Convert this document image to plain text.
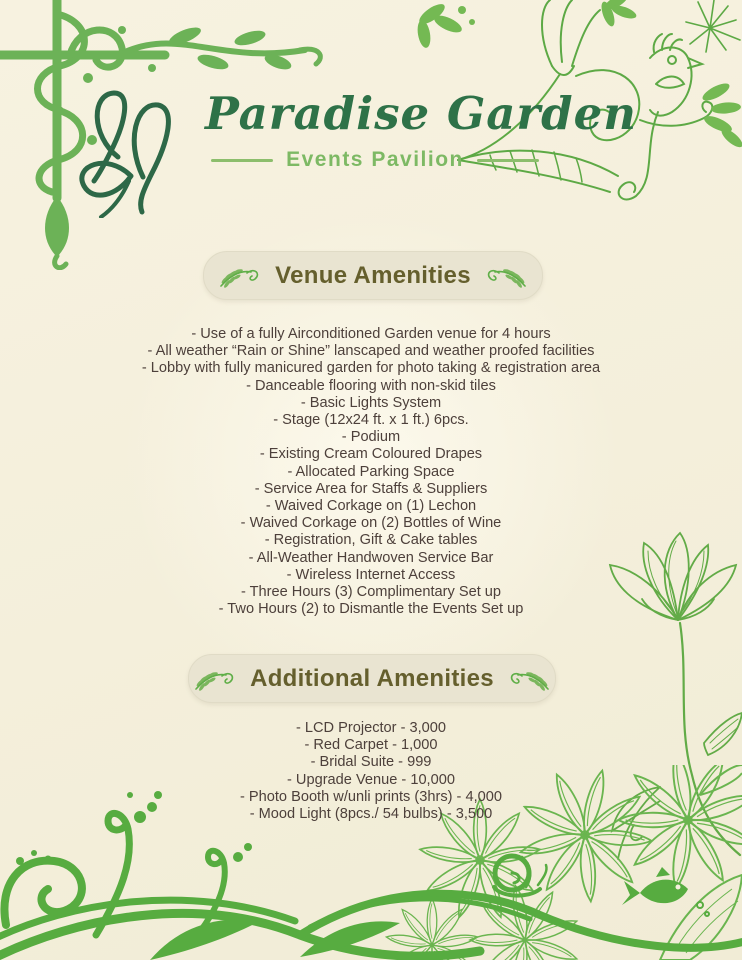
Paradise Garden
Events Pavilion
Venue Amenities
- Use of a fully Airconditioned Garden venue for 4 hours
- All weather “Rain or Shine” lanscaped and weather proofed facilities
- Lobby with fully manicured garden for photo taking & registration area
- Danceable flooring with non-skid tiles
- Basic Lights System
- Stage (12x24 ft. x 1 ft.) 6pcs.
- Podium
- Existing Cream Coloured Drapes
- Allocated Parking Space
- Service Area for Staffs & Suppliers
- Waived Corkage on (1) Lechon
- Waived Corkage on (2) Bottles of Wine
- Registration, Gift & Cake tables
- All-Weather Handwoven Service Bar
- Wireless Internet Access
- Three Hours (3) Complimentary Set up
- Two Hours (2) to Dismantle the Events Set up
Additional Amenities
- LCD Projector - 3,000
- Red Carpet - 1,000
- Bridal Suite - 999
- Upgrade Venue - 10,000
- Photo Booth w/unli prints (3hrs) - 4,000
- Mood Light (8pcs./ 54 bulbs) - 3,500
